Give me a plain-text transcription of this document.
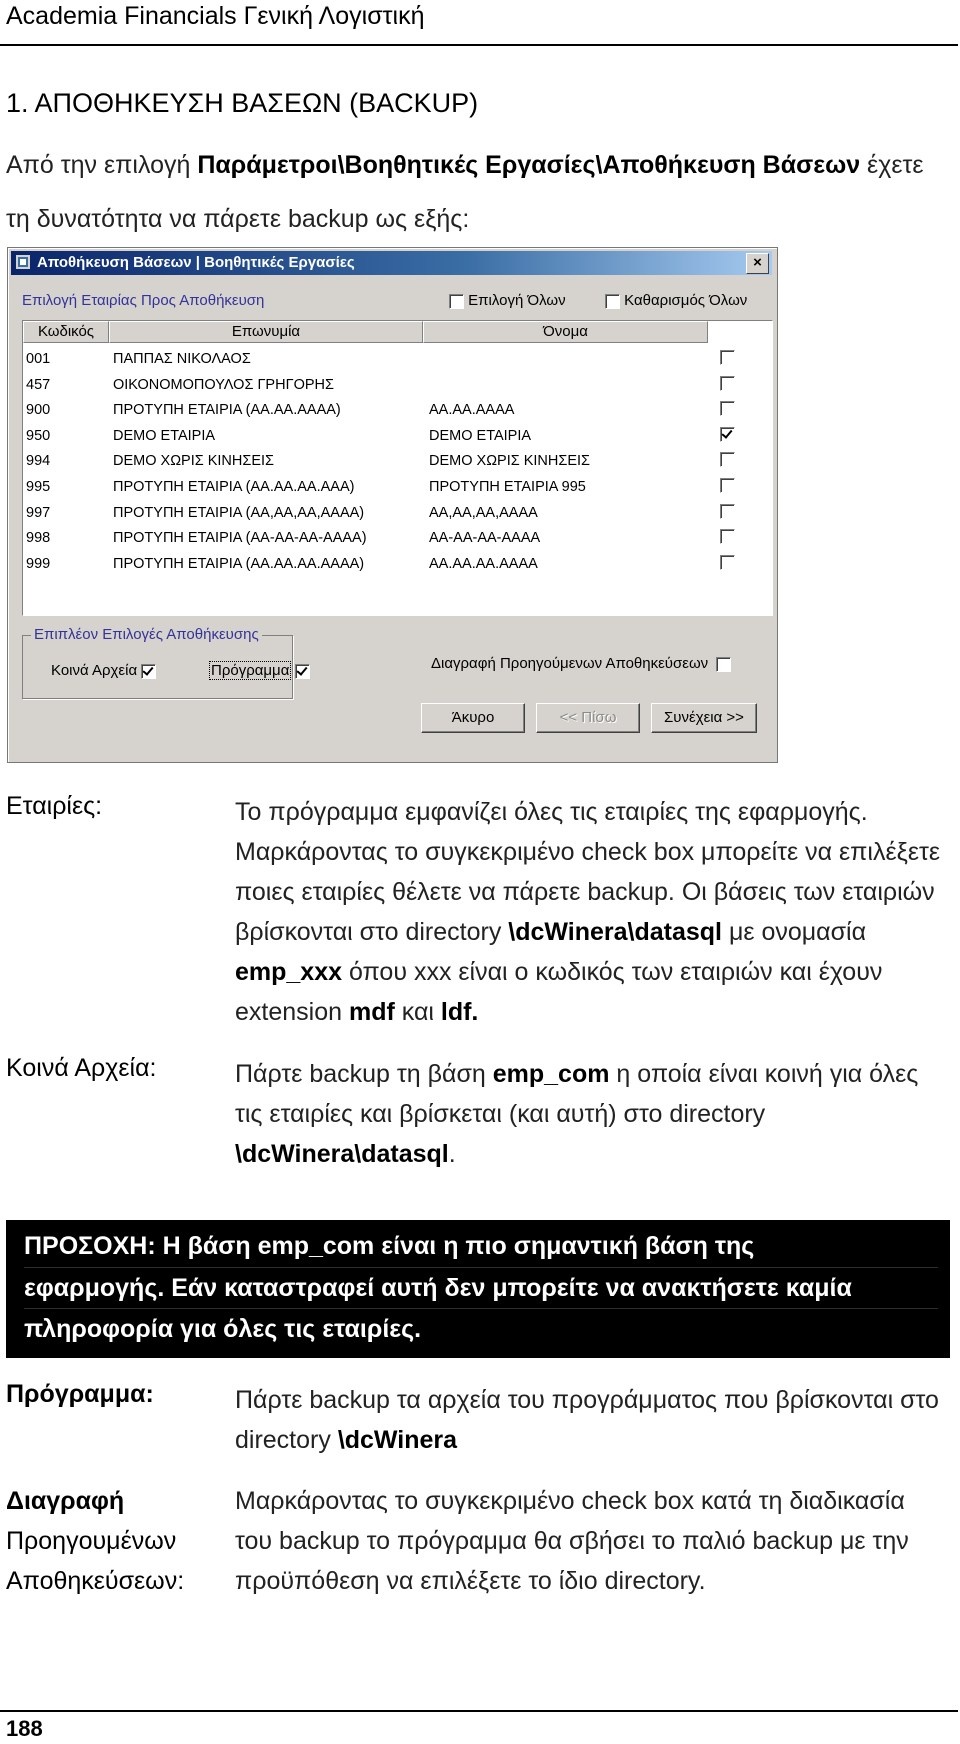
Academia Financials Γενική Λογιστική
1. ΑΠΟΘΗΚΕΥΣΗ ΒΑΣΕΩΝ (BACKUP)
Από την επιλογή Παράμετροι\Βοηθητικές Εργασίες\Αποθήκευση Βάσεων έχετε τη δυνατότητα να πάρετε backup ως εξής:
Αποθήκευση Βάσεων | Βοηθητικές Εργασίες	×
Επιλογή Εταιρίας Προς Αποθήκευση	Επιλογή Όλων	Καθαρισμός Όλων
Κωδικός	Επωνυμία	Όνομα
001	ΠΑΠΠΑΣ ΝΙΚΟΛΑΟΣ
457	ΟΙΚΟΝΟΜΟΠΟΥΛΟΣ ΓΡΗΓΟΡΗΣ
900	ΠΡΟΤΥΠΗ ΕΤΑΙΡΙΑ (ΑΑ.ΑΑ.ΑΑΑΑ)	ΑΑ.ΑΑ.ΑΑΑΑ
950	DEMO ΕΤΑΙΡΙΑ	DEMO ΕΤΑΙΡΙΑ
994	DEMO ΧΩΡΙΣ ΚΙΝΗΣΕΙΣ	DEMO ΧΩΡΙΣ ΚΙΝΗΣΕΙΣ
995	ΠΡΟΤΥΠΗ ΕΤΑΙΡΙΑ (ΑΑ.ΑΑ.ΑΑ.ΑΑΑ)	ΠΡΟΤΥΠΗ ΕΤΑΙΡΙΑ 995
997	ΠΡΟΤΥΠΗ ΕΤΑΙΡΙΑ (ΑΑ,ΑΑ,ΑΑ,ΑΑΑΑ)	ΑΑ,ΑΑ,ΑΑ,ΑΑΑΑ
998	ΠΡΟΤΥΠΗ ΕΤΑΙΡΙΑ (ΑΑ-ΑΑ-ΑΑ-ΑΑΑΑ)	ΑΑ-ΑΑ-ΑΑ-ΑΑΑΑ
999	ΠΡΟΤΥΠΗ ΕΤΑΙΡΙΑ (ΑΑ.ΑΑ.ΑΑ.ΑΑΑΑ)	ΑΑ.ΑΑ.ΑΑ.ΑΑΑΑ
Επιπλέον Επιλογές Αποθήκευσης
Κοινά Αρχεία	Πρόγραμμα	Διαγραφή Προηγούμενων Αποθηκεύσεων
Άκυρο	<< Πίσω	Συνέχεια >>
Εταιρίες:	Το πρόγραμμα εμφανίζει όλες τις εταιρίες της εφαρμογής. Μαρκάροντας το συγκεκριμένο check box μπορείτε να επιλέξετε ποιες εταιρίες θέλετε να πάρετε backup. Οι βάσεις των εταιριών βρίσκονται στο directory \dcWinera\datasql με ονομασία emp_xxx όπου xxx είναι ο κωδικός των εταιριών και έχουν extension mdf και ldf.
Κοινά Αρχεία:	Πάρτε backup τη βάση emp_com η οποία είναι κοινή για όλες τις εταιρίες και βρίσκεται (και αυτή) στο directory \dcWinera\datasql.
ΠΡΟΣΟΧΗ: Η βάση emp_com είναι η πιο σημαντική βάση της
εφαρμογής. Εάν καταστραφεί αυτή δεν μπορείτε να ανακτήσετε καμία
πληροφορία για όλες τις εταιρίες.
Πρόγραμμα:	Πάρτε backup τα αρχεία του προγράμματος που βρίσκονται στο directory \dcWinera
Διαγραφή
Προηγουμένων
Αποθηκεύσεων:
Μαρκάροντας το συγκεκριμένο check box κατά τη διαδικασία του backup το πρόγραμμα θα σβήσει το παλιό backup με την προϋπόθεση να επιλέξετε το ίδιο directory.
188
